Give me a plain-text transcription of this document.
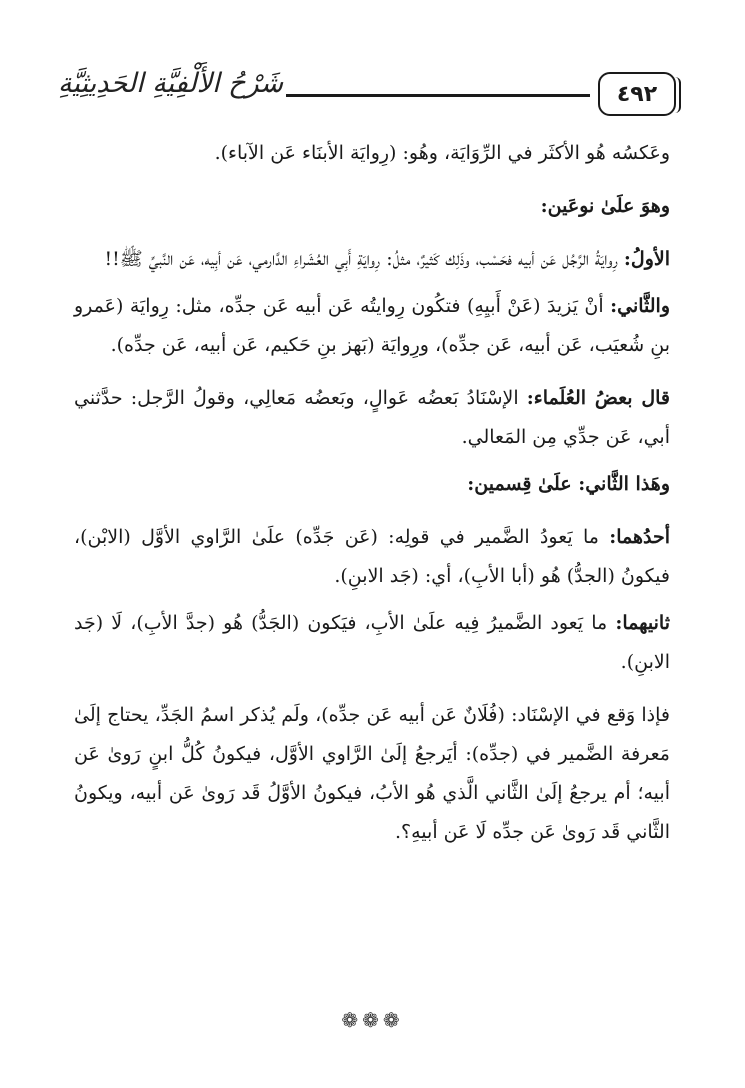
شَرْحُ الأَلْفِيَّةِ الحَدِيثِيَّةِ	٤٩٢

وعَكسُه هُو الأكثَر في الرِّوَايَة، وهُو: (رِوايَة الأبنَاء عَن الآباء).

وهوَ علَىٰ نوعَين:

الأولُ: رِوايَةُ الرَّجُل عَن أبيه فحَسْب، وذَلِك كَثيرٌ، مثلُ: رِوايَةِ أَبِي العُشَراءِ الدَّارمي، عَن أبِيه، عَن النَّبيِّ ﷺ!!

والثَّاني: أنْ يَزيدَ (عَنْ أَبيِهِ) فتكُون رِوايتُه عَن أبيه عَن جدِّه، مثل: رِوايَة (عَمرو بنِ شُعيَب، عَن أبيه، عَن جدِّه)، ورِوايَة (بَهز بنِ حَكيم، عَن أبيه، عَن جدِّه).

قال بعضُ العُلَماء: الإسْنَادُ بَعضُه عَوالٍ، وبَعضُه مَعالِي، وقولُ الرَّجل: حدَّثني أبي، عَن جدِّي مِن المَعالي.

وهَذا الثَّاني: علَىٰ قِسمين:

أحدُهما: ما يَعودُ الضَّمير في قولِه: (عَن جَدِّه) علَىٰ الرَّاوي الأوَّل (الابْن)، فيكونُ (الجدُّ) هُو (أبا الأبِ)، أي: (جَد الابنِ).

ثانيهما: ما يَعود الضَّميرُ فِيه علَىٰ الأبِ، فيَكون (الجَدُّ) هُو (جدَّ الأبِ)، لَا (جَد الابنِ).

فإذا وَقع في الإسْنَاد: (فُلَانٌ عَن أبيه عَن جدِّه)، ولَم يُذكر اسمُ الجَدِّ، يحتاج إلَىٰ مَعرفة الضَّمير في (جدِّه): أيَرجعُ إلَىٰ الرَّاوي الأوَّل، فيكونُ كُلُّ ابنٍ رَوىٰ عَن أبيه؛ أم يرجعُ إلَىٰ الثَّاني الَّذي هُو الأبُ، فيكونُ الأوَّلُ قَد رَوىٰ عَن أبيه، ويكونُ الثَّاني قَد رَوىٰ عَن جدِّه لَا عَن أبيهِ؟.

❁❁❁
